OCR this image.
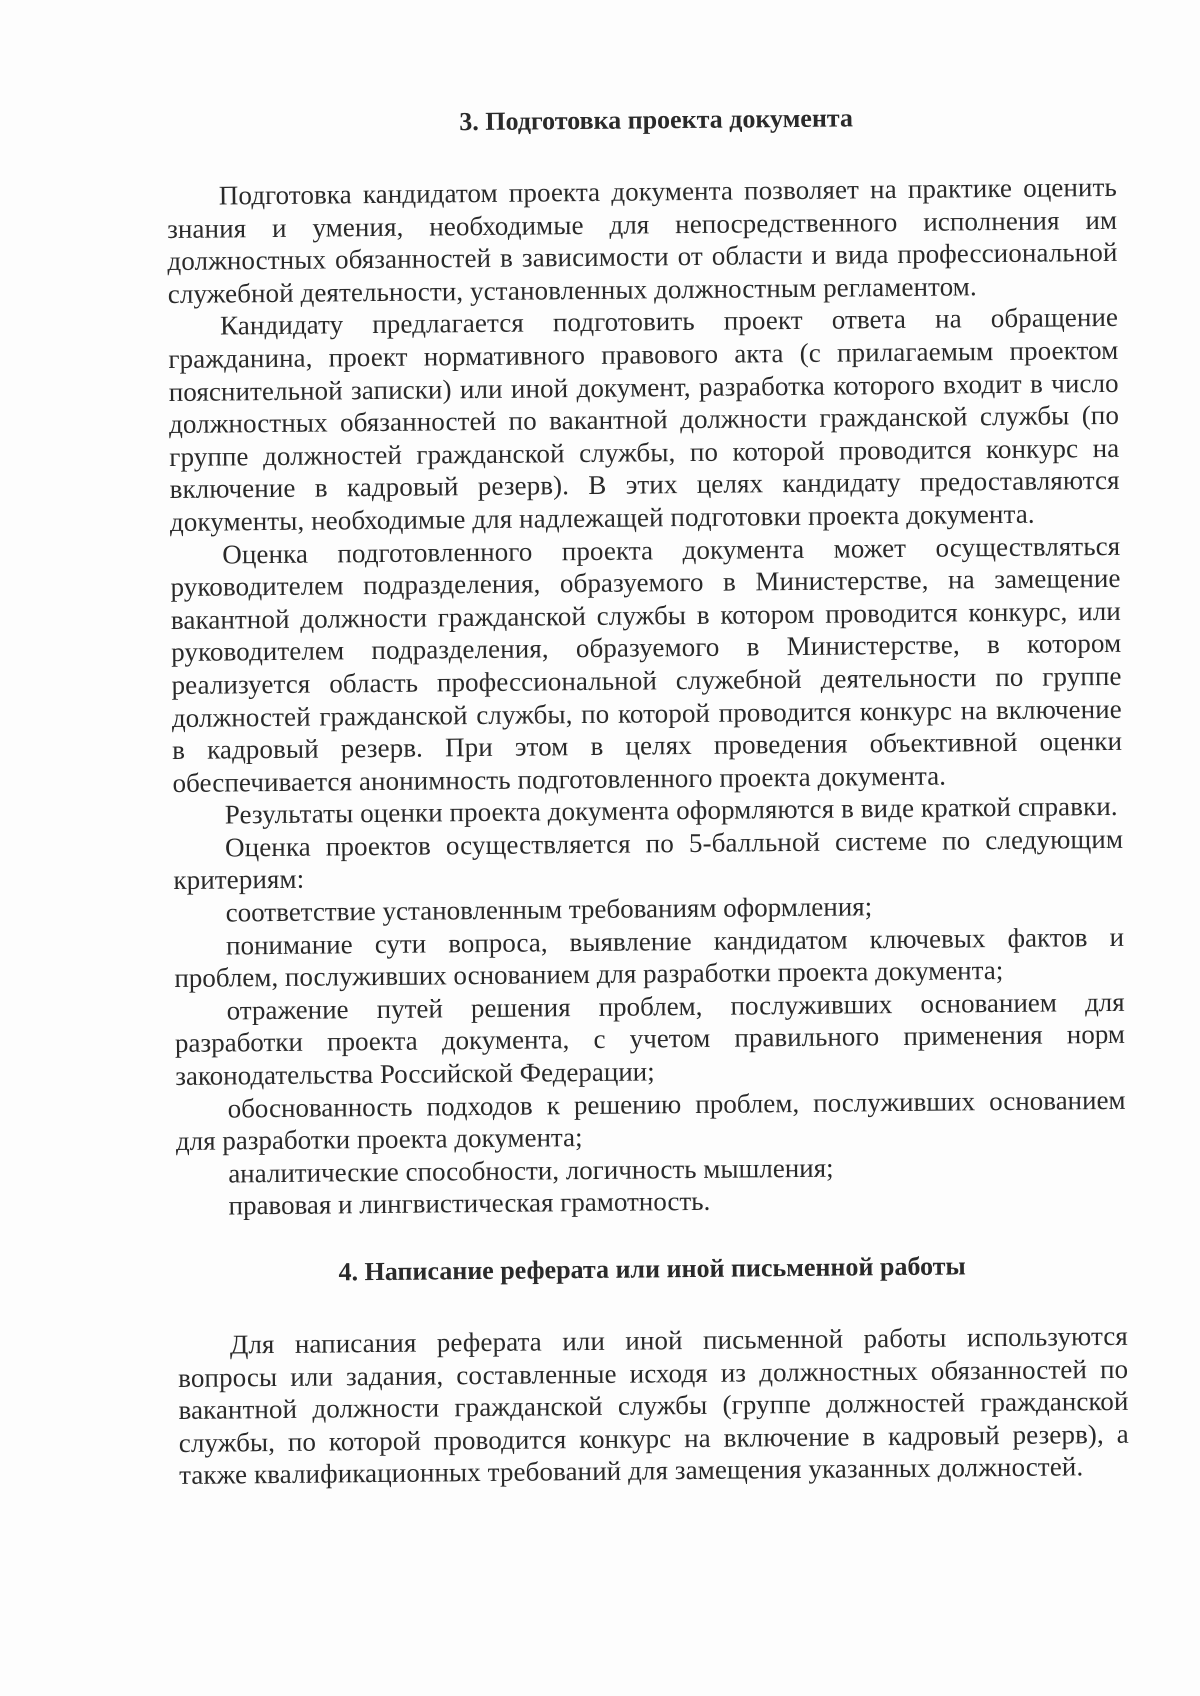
3. Подготовка проекта документа

Подготовка кандидатом проекта документа позволяет на практике оценить знания и умения, необходимые для непосредственного исполнения им должностных обязанностей в зависимости от области и вида профессиональной служебной деятельности, установленных должностным регламентом.

Кандидату предлагается подготовить проект ответа на обращение гражданина, проект нормативного правового акта (с прилагаемым проектом пояснительной записки) или иной документ, разработка которого входит в число должностных обязанностей по вакантной должности гражданской службы (по группе должностей гражданской службы, по которой проводится конкурс на включение в кадровый резерв). В этих целях кандидату предоставляются документы, необходимые для надлежащей подготовки проекта документа.

Оценка подготовленного проекта документа может осуществляться руководителем подразделения, образуемого в Министерстве, на замещение вакантной должности гражданской службы в котором проводится конкурс, или руководителем подразделения, образуемого в Министерстве, в котором реализуется область профессиональной служебной деятельности по группе должностей гражданской службы, по которой проводится конкурс на включение в кадровый резерв. При этом в целях проведения объективной оценки обеспечивается анонимность подготовленного проекта документа.

Результаты оценки проекта документа оформляются в виде краткой справки.

Оценка проектов осуществляется по 5-балльной системе по следующим критериям:

соответствие установленным требованиям оформления;

понимание сути вопроса, выявление кандидатом ключевых фактов и проблем, послуживших основанием для разработки проекта документа;

отражение путей решения проблем, послуживших основанием для разработки проекта документа, с учетом правильного применения норм законодательства Российской Федерации;

обоснованность подходов к решению проблем, послуживших основанием для разработки проекта документа;

аналитические способности, логичность мышления;

правовая и лингвистическая грамотность.

4. Написание реферата или иной письменной работы

Для написания реферата или иной письменной работы используются вопросы или задания, составленные исходя из должностных обязанностей по вакантной должности гражданской службы (группе должностей гражданской службы, по которой проводится конкурс на включение в кадровый резерв), а также квалификационных требований для замещения указанных должностей.
